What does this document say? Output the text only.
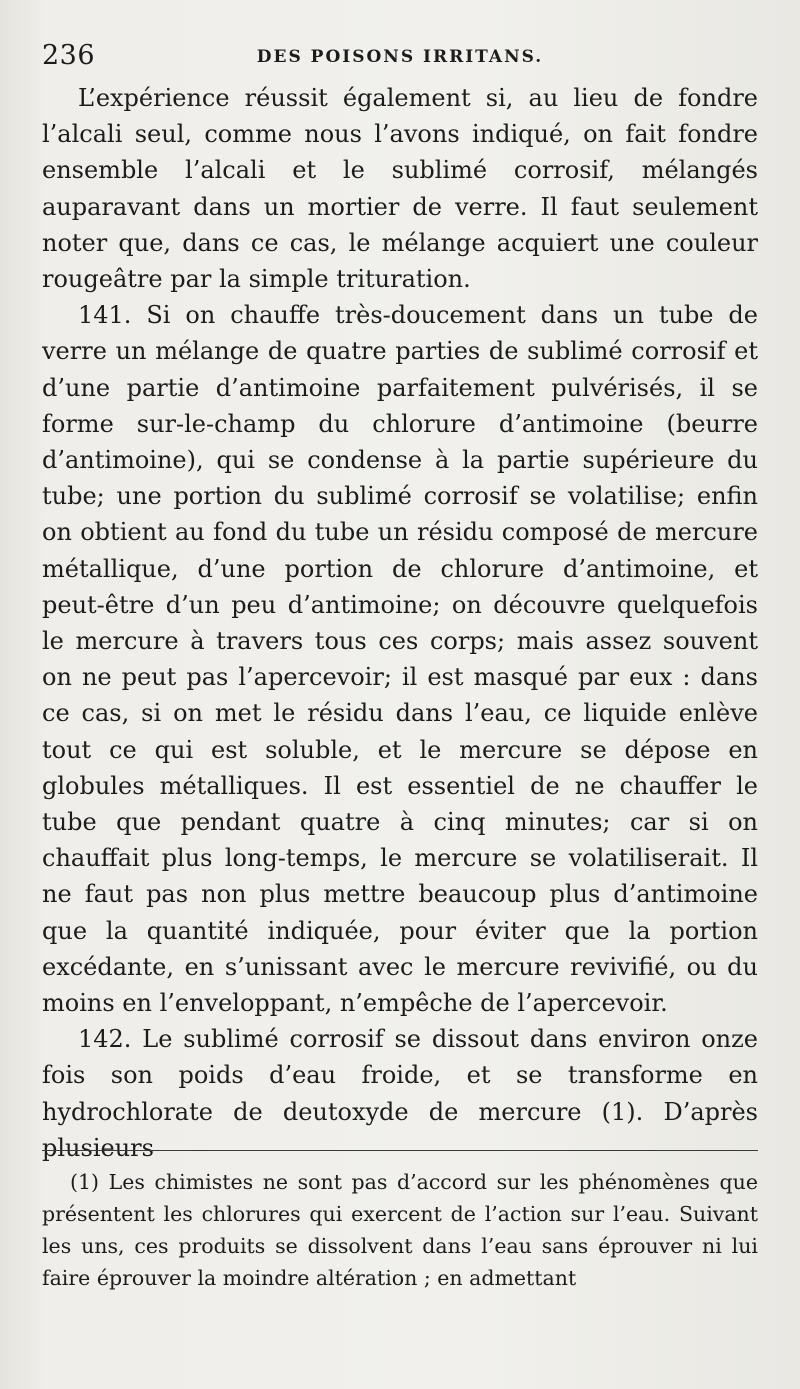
236	DES POISONS IRRITANS.

L’expérience réussit également si, au lieu de fondre l’alcali seul, comme nous l’avons indiqué, on fait fondre ensemble l’alcali et le sublimé corrosif, mélangés auparavant dans un mortier de verre. Il faut seulement noter que, dans ce cas, le mélange acquiert une couleur rougeâtre par la simple trituration.

141. Si on chauffe très-doucement dans un tube de verre un mélange de quatre parties de sublimé corrosif et d’une partie d’antimoine parfaitement pulvérisés, il se forme sur-le-champ du chlorure d’antimoine (beurre d’antimoine), qui se condense à la partie supérieure du tube; une portion du sublimé corrosif se volatilise; enfin on obtient au fond du tube un résidu composé de mercure métallique, d’une portion de chlorure d’antimoine, et peut-être d’un peu d’antimoine; on découvre quelquefois le mercure à travers tous ces corps; mais assez souvent on ne peut pas l’apercevoir; il est masqué par eux : dans ce cas, si on met le résidu dans l’eau, ce liquide enlève tout ce qui est soluble, et le mercure se dépose en globules métalliques. Il est essentiel de ne chauffer le tube que pendant quatre à cinq minutes; car si on chauffait plus long-temps, le mercure se volatiliserait. Il ne faut pas non plus mettre beaucoup plus d’antimoine que la quantité indiquée, pour éviter que la portion excédante, en s’unissant avec le mercure revivifié, ou du moins en l’enveloppant, n’empêche de l’apercevoir.

142. Le sublimé corrosif se dissout dans environ onze fois son poids d’eau froide, et se transforme en hydrochlorate de deutoxyde de mercure (1). D’après plusieurs

(1) Les chimistes ne sont pas d’accord sur les phénomènes que présentent les chlorures qui exercent de l’action sur l’eau. Suivant les uns, ces produits se dissolvent dans l’eau sans éprouver ni lui faire éprouver la moindre altération ; en admettant
